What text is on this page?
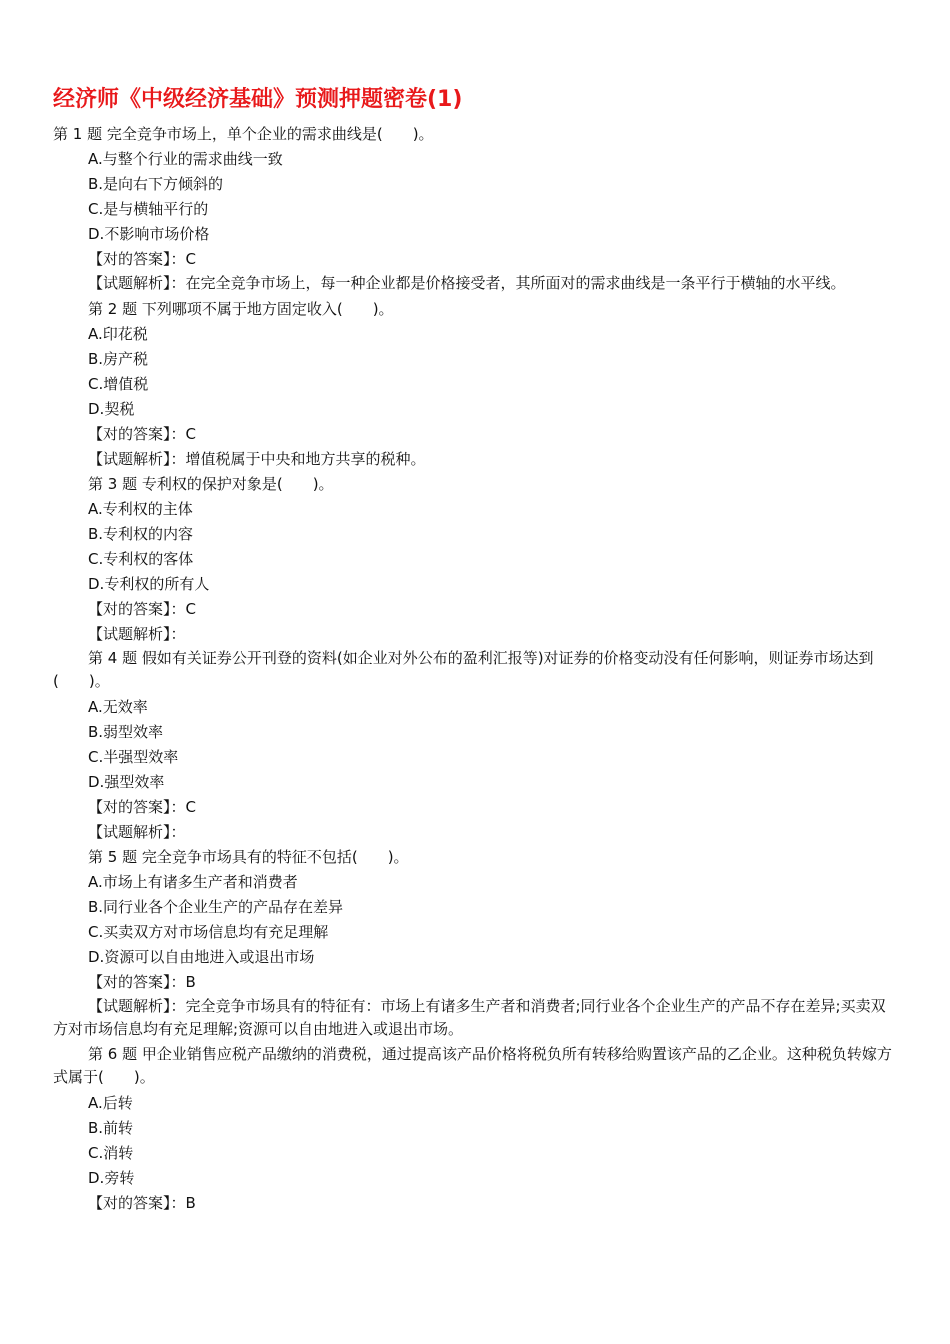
经济师《中级经济基础》预测押题密卷(1)
第 1 题 完全竞争市场上，单个企业的需求曲线是(　　)。
A.与整个行业的需求曲线一致
B.是向右下方倾斜的
C.是与横轴平行的
D.不影响市场价格
【对的答案】：C
【试题解析】：在完全竞争市场上，每一种企业都是价格接受者，其所面对的需求曲线是一条平行于横轴的水平线。
第 2 题 下列哪项不属于地方固定收入(　　)。
A.印花税
B.房产税
C.增值税
D.契税
【对的答案】：C
【试题解析】：增值税属于中央和地方共享的税种。
第 3 题 专利权的保护对象是(　　)。
A.专利权的主体
B.专利权的内容
C.专利权的客体
D.专利权的所有人
【对的答案】：C
【试题解析】：
第 4 题 假如有关证券公开刊登的资料(如企业对外公布的盈利汇报等)对证券的价格变动没有任何影响，则证券市场达到(　　)。
A.无效率
B.弱型效率
C.半强型效率
D.强型效率
【对的答案】：C
【试题解析】：
第 5 题 完全竞争市场具有的特征不包括(　　)。
A.市场上有诸多生产者和消费者
B.同行业各个企业生产的产品存在差异
C.买卖双方对市场信息均有充足理解
D.资源可以自由地进入或退出市场
【对的答案】：B
【试题解析】：完全竞争市场具有的特征有：市场上有诸多生产者和消费者;同行业各个企业生产的产品不存在差异;买卖双方对市场信息均有充足理解;资源可以自由地进入或退出市场。
第 6 题 甲企业销售应税产品缴纳的消费税，通过提高该产品价格将税负所有转移给购置该产品的乙企业。这种税负转嫁方式属于(　　)。
A.后转
B.前转
C.消转
D.旁转
【对的答案】：B
